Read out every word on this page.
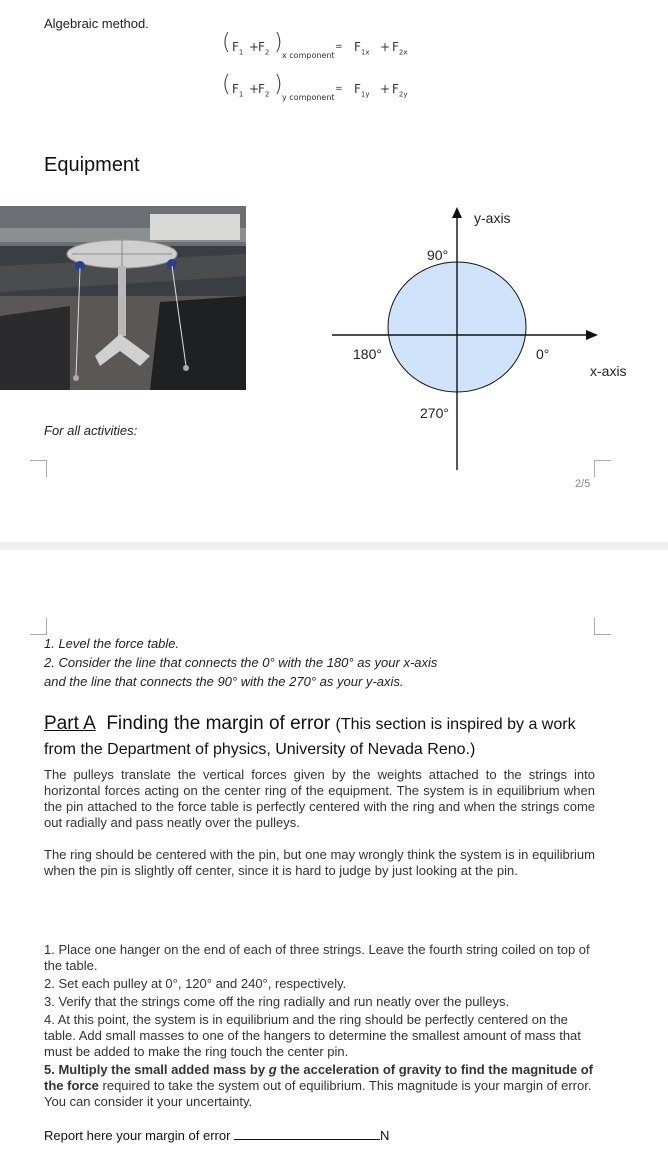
Algebraic method.
( $F_1$ +
$F_2$ )
x component
= $F_{1x} + F_{2x}$
( $F_1$ +
$F_2$ )
y component
= $F_{1y} + F_{2y}$
Equipment
y-axis
x-axis
90°
180°	0°
270°
For all activities:
2/5
1. Level the force table.
2. Consider the line that connects the 0° with the 180° as your x-axis
and the line that connects the 90° with the 270° as your y-axis.
Part A Finding the margin of error (This section is inspired by a work from the Department of physics, University of Nevada Reno.)

The pulleys translate the vertical forces given by the weights attached to the strings into horizontal forces acting on the center ring of the equipment. The system is in equilibrium when the pin attached to the force table is perfectly centered with the ring and when the strings come out radially and pass neatly over the pulleys.

The ring should be centered with the pin, but one may wrongly think the system is in equilibrium when the pin is slightly off center, since it is hard to judge by just looking at the pin.

1. Place one hanger on the end of each of three strings. Leave the fourth string coiled on top of the table.
2. Set each pulley at 0°, 120° and 240°, respectively.
3. Verify that the strings come off the ring radially and run neatly over the pulleys.
4. At this point, the system is in equilibrium and the ring should be perfectly centered on the table. Add small masses to one of the hangers to determine the smallest amount of mass that must be added to make the ring touch the center pin.
5. Multiply the small added mass by g the acceleration of gravity to find the magnitude of the force required to take the system out of equilibrium. This magnitude is your margin of error. You can consider it your uncertainty.
Report here your margin of error	N
